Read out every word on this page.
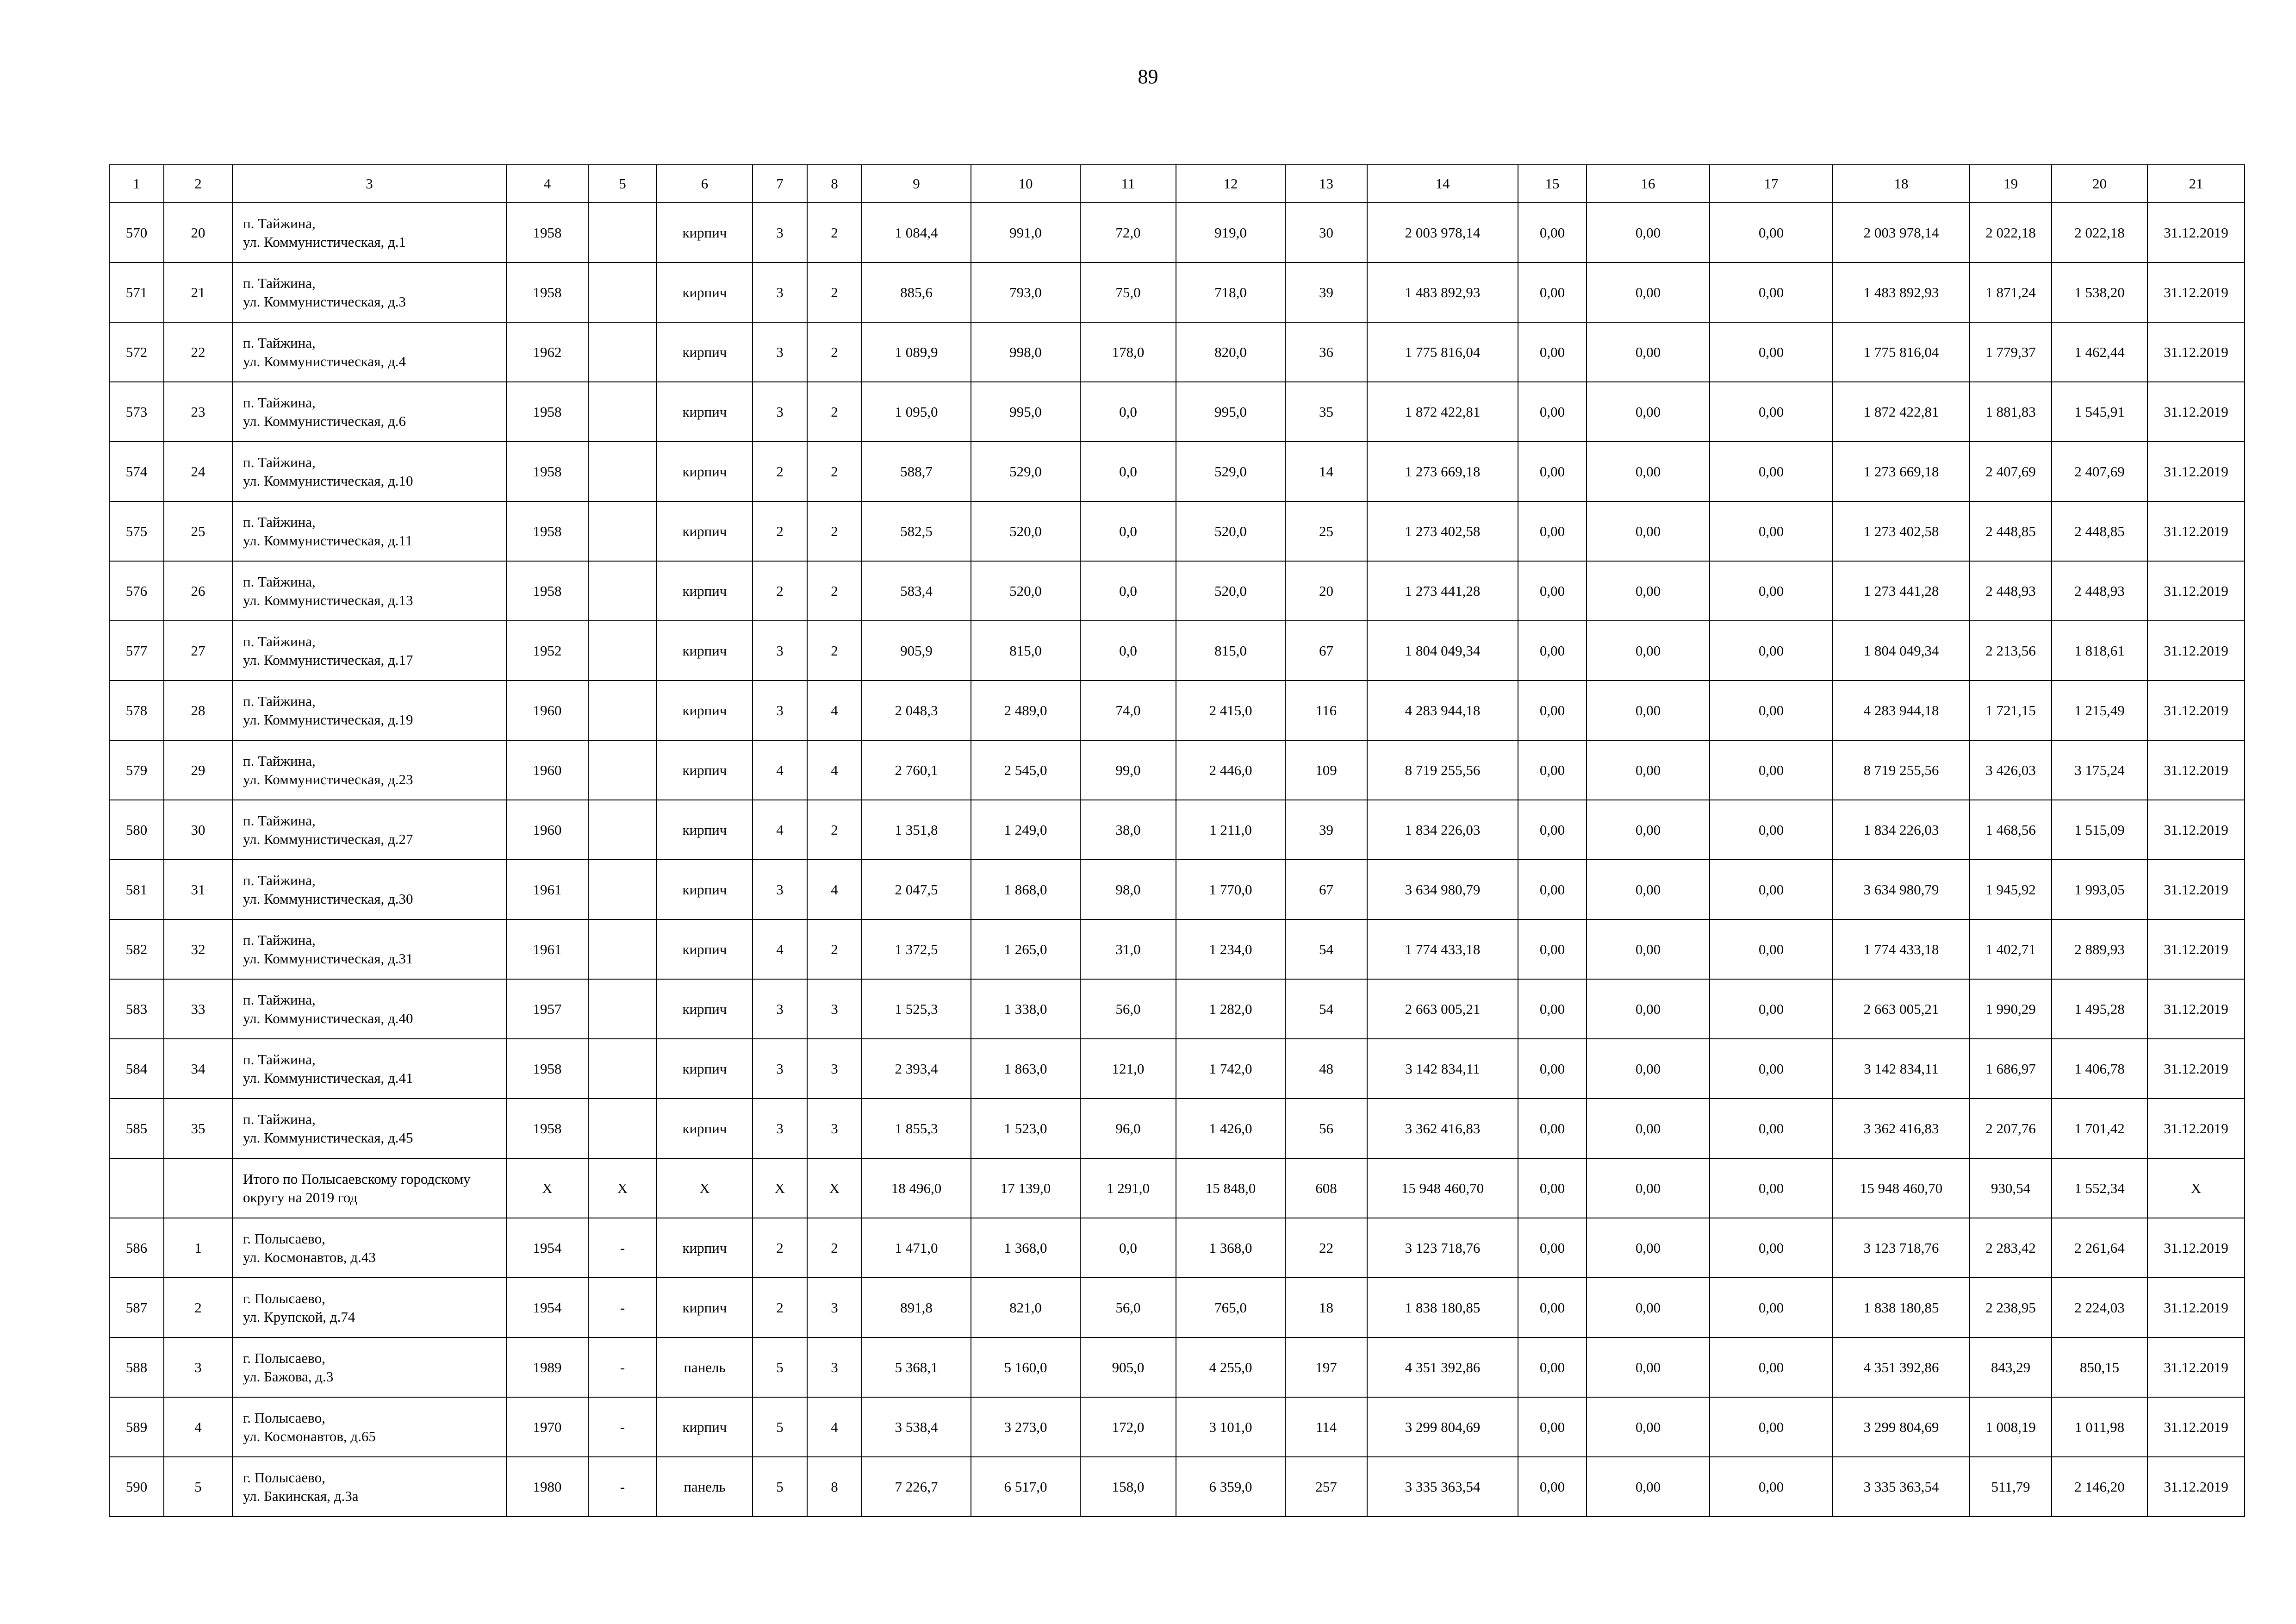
89
1	2	3	4	5	6	7	8	9	10	11	12	13	14	15	16	17	18	19	20	21
570	20	п. Тайжина,
ул. Коммунистическая, д.1	1958		кирпич	3	2	1 084,4	991,0	72,0	919,0	30	2 003 978,14	0,00	0,00	0,00	2 003 978,14	2 022,18	2 022,18	31.12.2019
571	21	п. Тайжина,
ул. Коммунистическая, д.3	1958		кирпич	3	2	885,6	793,0	75,0	718,0	39	1 483 892,93	0,00	0,00	0,00	1 483 892,93	1 871,24	1 538,20	31.12.2019
572	22	п. Тайжина,
ул. Коммунистическая, д.4	1962		кирпич	3	2	1 089,9	998,0	178,0	820,0	36	1 775 816,04	0,00	0,00	0,00	1 775 816,04	1 779,37	1 462,44	31.12.2019
573	23	п. Тайжина,
ул. Коммунистическая, д.6	1958		кирпич	3	2	1 095,0	995,0	0,0	995,0	35	1 872 422,81	0,00	0,00	0,00	1 872 422,81	1 881,83	1 545,91	31.12.2019
574	24	п. Тайжина,
ул. Коммунистическая, д.10	1958		кирпич	2	2	588,7	529,0	0,0	529,0	14	1 273 669,18	0,00	0,00	0,00	1 273 669,18	2 407,69	2 407,69	31.12.2019
575	25	п. Тайжина,
ул. Коммунистическая, д.11	1958		кирпич	2	2	582,5	520,0	0,0	520,0	25	1 273 402,58	0,00	0,00	0,00	1 273 402,58	2 448,85	2 448,85	31.12.2019
576	26	п. Тайжина,
ул. Коммунистическая, д.13	1958		кирпич	2	2	583,4	520,0	0,0	520,0	20	1 273 441,28	0,00	0,00	0,00	1 273 441,28	2 448,93	2 448,93	31.12.2019
577	27	п. Тайжина,
ул. Коммунистическая, д.17	1952		кирпич	3	2	905,9	815,0	0,0	815,0	67	1 804 049,34	0,00	0,00	0,00	1 804 049,34	2 213,56	1 818,61	31.12.2019
578	28	п. Тайжина,
ул. Коммунистическая, д.19	1960		кирпич	3	4	2 048,3	2 489,0	74,0	2 415,0	116	4 283 944,18	0,00	0,00	0,00	4 283 944,18	1 721,15	1 215,49	31.12.2019
579	29	п. Тайжина,
ул. Коммунистическая, д.23	1960		кирпич	4	4	2 760,1	2 545,0	99,0	2 446,0	109	8 719 255,56	0,00	0,00	0,00	8 719 255,56	3 426,03	3 175,24	31.12.2019
580	30	п. Тайжина,
ул. Коммунистическая, д.27	1960		кирпич	4	2	1 351,8	1 249,0	38,0	1 211,0	39	1 834 226,03	0,00	0,00	0,00	1 834 226,03	1 468,56	1 515,09	31.12.2019
581	31	п. Тайжина,
ул. Коммунистическая, д.30	1961		кирпич	3	4	2 047,5	1 868,0	98,0	1 770,0	67	3 634 980,79	0,00	0,00	0,00	3 634 980,79	1 945,92	1 993,05	31.12.2019
582	32	п. Тайжина,
ул. Коммунистическая, д.31	1961		кирпич	4	2	1 372,5	1 265,0	31,0	1 234,0	54	1 774 433,18	0,00	0,00	0,00	1 774 433,18	1 402,71	2 889,93	31.12.2019
583	33	п. Тайжина,
ул. Коммунистическая, д.40	1957		кирпич	3	3	1 525,3	1 338,0	56,0	1 282,0	54	2 663 005,21	0,00	0,00	0,00	2 663 005,21	1 990,29	1 495,28	31.12.2019
584	34	п. Тайжина,
ул. Коммунистическая, д.41	1958		кирпич	3	3	2 393,4	1 863,0	121,0	1 742,0	48	3 142 834,11	0,00	0,00	0,00	3 142 834,11	1 686,97	1 406,78	31.12.2019
585	35	п. Тайжина,
ул. Коммунистическая, д.45	1958		кирпич	3	3	1 855,3	1 523,0	96,0	1 426,0	56	3 362 416,83	0,00	0,00	0,00	3 362 416,83	2 207,76	1 701,42	31.12.2019

		Итого по Полысаевскому городскому
округу на 2019 год	X	X	X	X	X	18 496,0	17 139,0	1 291,0	15 848,0	608	15 948 460,70	0,00	0,00	0,00	15 948 460,70	930,54	1 552,34	X
586	1	г. Полысаево,
ул. Космонавтов, д.43	1954	-	кирпич	2	2	1 471,0	1 368,0	0,0	1 368,0	22	3 123 718,76	0,00	0,00	0,00	3 123 718,76	2 283,42	2 261,64	31.12.2019
587	2	г. Полысаево,
ул. Крупской, д.74	1954	-	кирпич	2	3	891,8	821,0	56,0	765,0	18	1 838 180,85	0,00	0,00	0,00	1 838 180,85	2 238,95	2 224,03	31.12.2019
588	3	г. Полысаево,
ул. Бажова, д.3	1989	-	панель	5	3	5 368,1	5 160,0	905,0	4 255,0	197	4 351 392,86	0,00	0,00	0,00	4 351 392,86	843,29	850,15	31.12.2019
589	4	г. Полысаево,
ул. Космонавтов, д.65	1970	-	кирпич	5	4	3 538,4	3 273,0	172,0	3 101,0	114	3 299 804,69	0,00	0,00	0,00	3 299 804,69	1 008,19	1 011,98	31.12.2019
590	5	г. Полысаево,
ул. Бакинская, д.3а	1980	-	панель	5	8	7 226,7	6 517,0	158,0	6 359,0	257	3 335 363,54	0,00	0,00	0,00	3 335 363,54	511,79	2 146,20	31.12.2019
